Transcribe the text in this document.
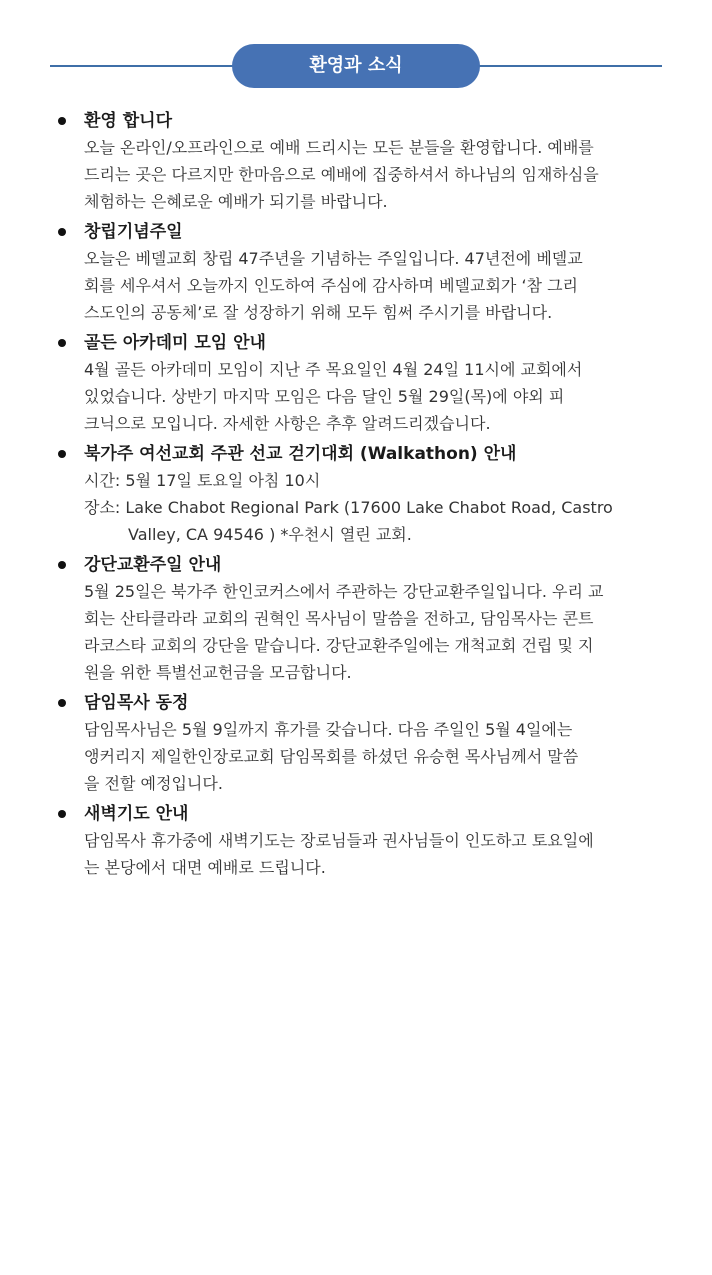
환영과 소식
환영 합니다
오늘 온라인/오프라인으로 예배 드리시는 모든 분들을 환영합니다. 예배를
드리는 곳은 다르지만 한마음으로 예배에 집중하셔서 하나님의 임재하심을
체험하는 은혜로운 예배가 되기를 바랍니다.
창립기념주일
오늘은 베델교회 창립 47주년을 기념하는 주일입니다. 47년전에 베델교
회를 세우셔서 오늘까지 인도하여 주심에 감사하며 베델교회가 ‘참 그리
스도인의 공동체’로 잘 성장하기 위해 모두 힘써 주시기를 바랍니다.
골든 아카데미 모임 안내
4월 골든 아카데미 모임이 지난 주 목요일인 4월 24일 11시에 교회에서
있었습니다. 상반기 마지막 모임은 다음 달인 5월 29일(목)에 야외 피
크닉으로 모입니다. 자세한 사항은 추후 알려드리겠습니다.
북가주 여선교회 주관 선교 걷기대회 (Walkathon) 안내
시간: 5월 17일 토요일 아침 10시
장소: Lake Chabot Regional Park (17600 Lake Chabot Road, Castro
Valley, CA 94546 ) *우천시 열린 교회.
강단교환주일 안내
5월 25일은 북가주 한인코커스에서 주관하는 강단교환주일입니다. 우리 교
회는 산타클라라 교회의 권혁인 목사님이 말씀을 전하고, 담임목사는 콘트
라코스타 교회의 강단을 맡습니다. 강단교환주일에는 개척교회 건립 및 지
원을 위한 특별선교헌금을 모금합니다.
담임목사 동정
담임목사님은 5월 9일까지 휴가를 갖습니다. 다음 주일인 5월 4일에는
앵커리지 제일한인장로교회 담임목회를 하셨던 유승현 목사님께서 말씀
을 전할 예정입니다.
새벽기도 안내
담임목사 휴가중에 새벽기도는 장로님들과 권사님들이 인도하고 토요일에
는 본당에서 대면 예배로 드립니다.
